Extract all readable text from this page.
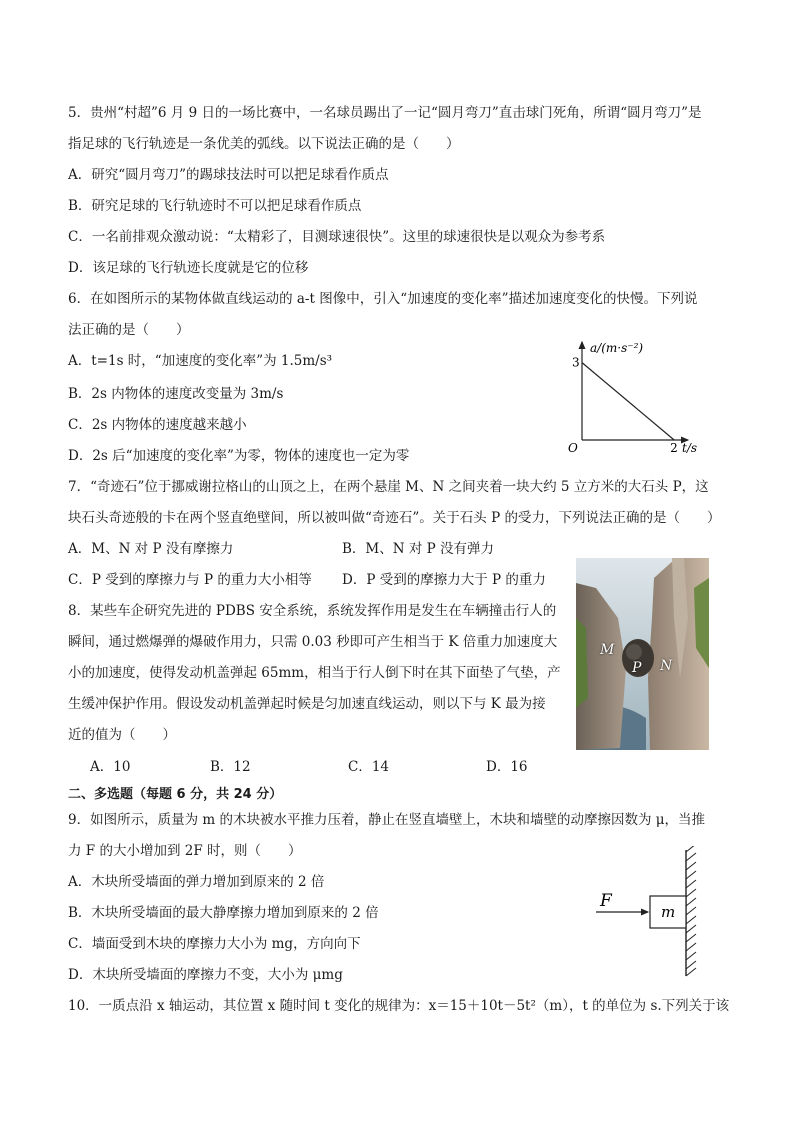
5．贵州“村超”6 月 9 日的一场比赛中，一名球员踢出了一记“圆月弯刀”直击球门死角，所谓“圆月弯刀”是
指足球的飞行轨迹是一条优美的弧线。以下说法正确的是（　　）
A．研究“圆月弯刀”的踢球技法时可以把足球看作质点
B．研究足球的飞行轨迹时不可以把足球看作质点
C．一名前排观众激动说：“太精彩了，目测球速很快”。这里的球速很快是以观众为参考系
D．该足球的飞行轨迹长度就是它的位移
6．在如图所示的某物体做直线运动的 a-t 图像中，引入“加速度的变化率”描述加速度变化的快慢。下列说
法正确的是（　　）
A．t=1s 时，“加速度的变化率”为 1.5m/s³
B．2s 内物体的速度改变量为 3m/s
C．2s 内物体的速度越来越小
D．2s 后“加速度的变化率”为零，物体的速度也一定为零
a/(m·s⁻²)
3
O	2 t/s
7．“奇迹石”位于挪威谢拉格山的山顶之上，在两个悬崖 M、N 之间夹着一块大约 5 立方米的大石头 P，这
块石头奇迹般的卡在两个竖直绝壁间，所以被叫做“奇迹石”。关于石头 P 的受力，下列说法正确的是（　　）
A．M、N 对 P 没有摩擦力	B．M、N 对 P 没有弹力
C．P 受到的摩擦力与 P 的重力大小相等 D．P 受到的摩擦力大于 P 的重力
M
P N
8．某些车企研究先进的 PDBS 安全系统，系统发挥作用是发生在车辆撞击行人的
瞬间，通过燃爆弹的爆破作用力，只需 0.03 秒即可产生相当于 K 倍重力加速度大
小的加速度，使得发动机盖弹起 65mm，相当于行人倒下时在其下面垫了气垫，产
生缓冲保护作用。假设发动机盖弹起时候是匀加速直线运动，则以下与 K 最为接
近的值为（　　）
A．10	B．12	C．14	D．16
二、多选题（每题 6 分，共 24 分）
9．如图所示，质量为 m 的木块被水平推力压着，静止在竖直墙壁上，木块和墙壁的动摩擦因数为 μ，当推
力 F 的大小增加到 2F 时，则（　　）
A．木块所受墙面的弹力增加到原来的 2 倍
B．木块所受墙面的最大静摩擦力增加到原来的 2 倍
C．墙面受到木块的摩擦力大小为 mg，方向向下
D．木块所受墙面的摩擦力不变，大小为 μmg
m
F
10．一质点沿 x 轴运动，其位置 x 随时间 t 变化的规律为：x＝15＋10t－5t²（m），t 的单位为 s.下列关于该
